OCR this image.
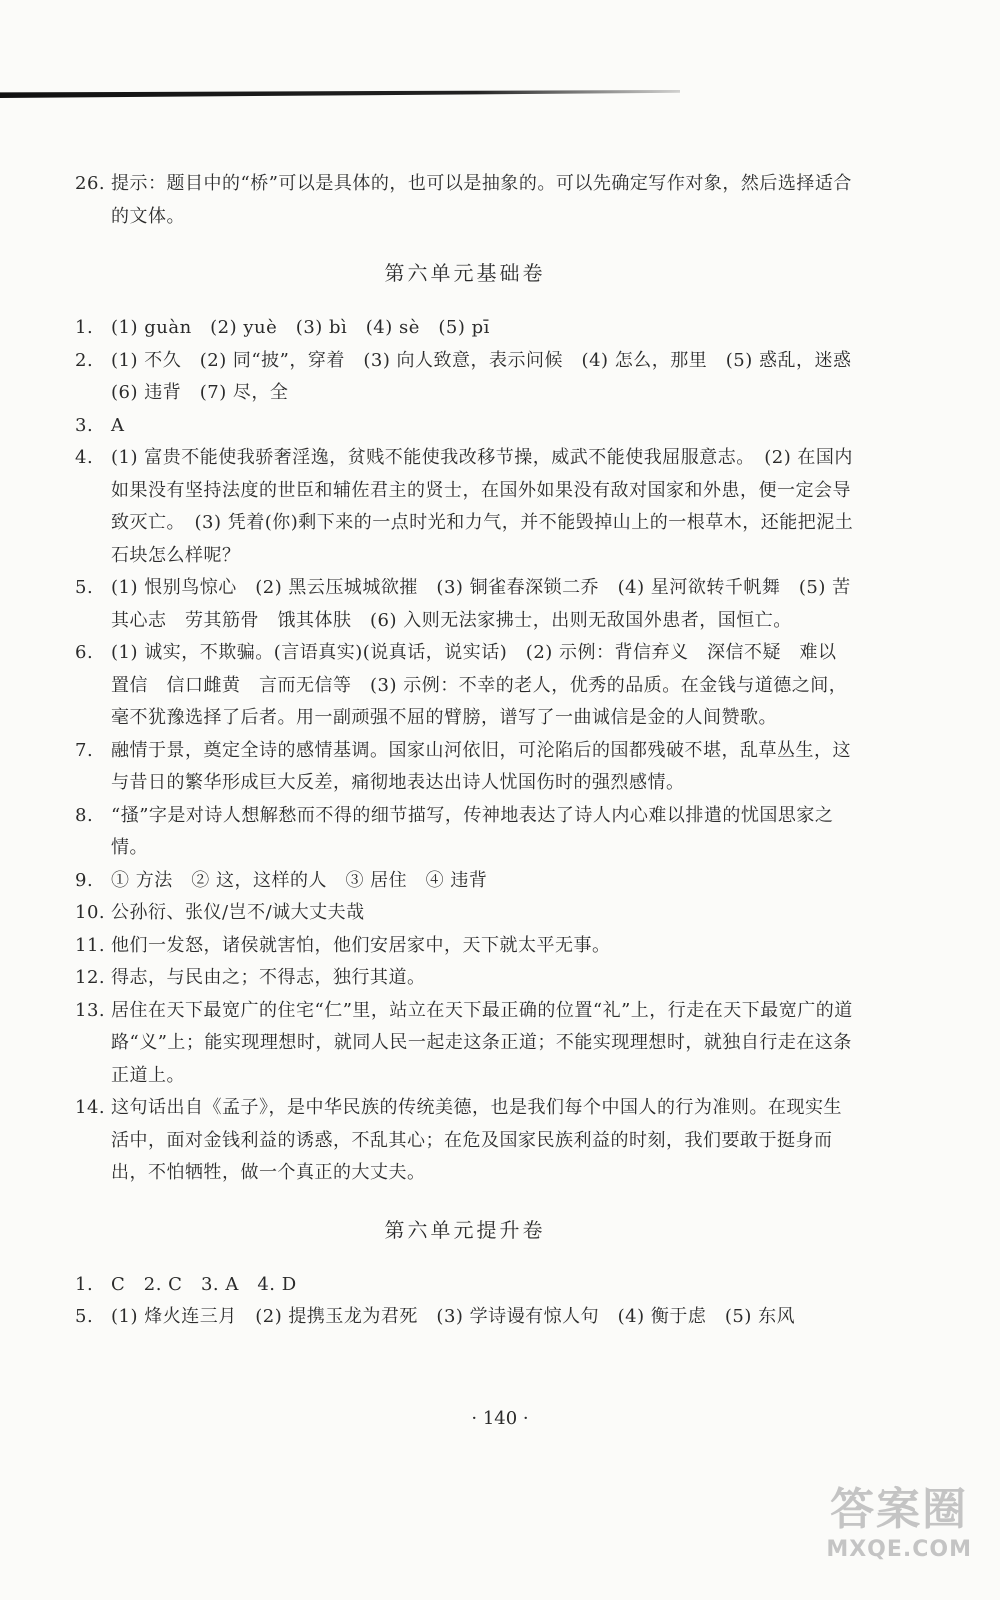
26. 提示：题目中的“桥”可以是具体的，也可以是抽象的。可以先确定写作对象，然后选择适合的文体。
第六单元基础卷
1. (1) guàn　(2) yuè　(3) bì　(4) sè　(5) pī
2. (1) 不久　(2) 同“披”，穿着　(3) 向人致意，表示问候　(4) 怎么，那里　(5) 惑乱，迷惑　(6) 违背　(7) 尽，全
3. A
4. (1) 富贵不能使我骄奢淫逸，贫贱不能使我改移节操，威武不能使我屈服意志。　(2) 在国内如果没有坚持法度的世臣和辅佐君主的贤士，在国外如果没有敌对国家和外患，便一定会导致灭亡。　(3) 凭着(你)剩下来的一点时光和力气，并不能毁掉山上的一根草木，还能把泥土石块怎么样呢？
5. (1) 恨别鸟惊心　(2) 黑云压城城欲摧　(3) 铜雀春深锁二乔　(4) 星河欲转千帆舞　(5) 苦其心志　劳其筋骨　饿其体肤　(6) 入则无法家拂士，出则无敌国外患者，国恒亡。
6. (1) 诚实，不欺骗。(言语真实)(说真话，说实话)　(2) 示例：背信弃义　深信不疑　难以置信　信口雌黄　言而无信等　(3) 示例：不幸的老人，优秀的品质。在金钱与道德之间，毫不犹豫选择了后者。用一副顽强不屈的臂膀，谱写了一曲诚信是金的人间赞歌。
7. 融情于景，奠定全诗的感情基调。国家山河依旧，可沦陷后的国都残破不堪，乱草丛生，这与昔日的繁华形成巨大反差，痛彻地表达出诗人忧国伤时的强烈感情。
8. “搔”字是对诗人想解愁而不得的细节描写，传神地表达了诗人内心难以排遣的忧国思家之情。
9. ① 方法　② 这，这样的人　③ 居住　④ 违背
10. 公孙衍、张仪/岂不/诚大丈夫哉
11. 他们一发怒，诸侯就害怕，他们安居家中，天下就太平无事。
12. 得志，与民由之；不得志，独行其道。
13. 居住在天下最宽广的住宅“仁”里，站立在天下最正确的位置“礼”上，行走在天下最宽广的道路“义”上；能实现理想时，就同人民一起走这条正道；不能实现理想时，就独自行走在这条正道上。
14. 这句话出自《孟子》，是中华民族的传统美德，也是我们每个中国人的行为准则。在现实生活中，面对金钱利益的诱惑，不乱其心；在危及国家民族利益的时刻，我们要敢于挺身而出，不怕牺牲，做一个真正的大丈夫。
第六单元提升卷
1. C　2. C　3. A　4. D
5. (1) 烽火连三月　(2) 提携玉龙为君死　(3) 学诗谩有惊人句　(4) 衡于虑　(5) 东风
· 140 ·
答案圈
MXQE.COM
